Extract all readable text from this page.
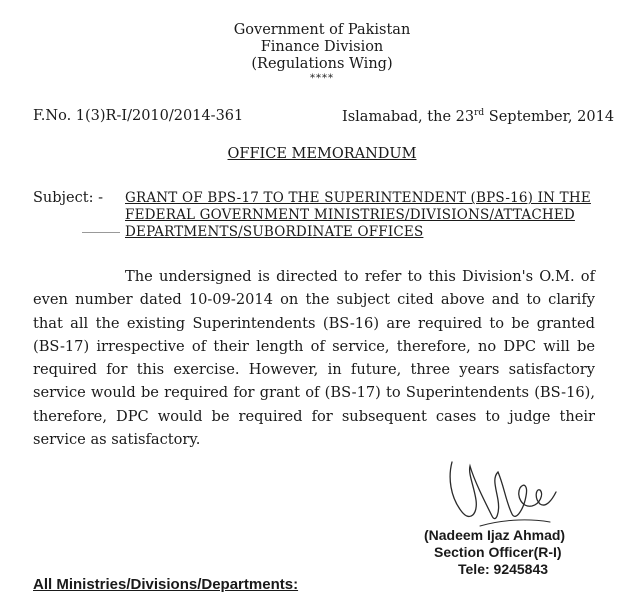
Government of Pakistan
Finance Division
(Regulations Wing)
****
F.No. 1(3)R-I/2010/2014-361	Islamabad, the 23rd September, 2014
OFFICE MEMORANDUM
Subject: - GRANT OF BPS-17 TO THE SUPERINTENDENT (BPS-16) IN THE
FEDERAL GOVERNMENT MINISTRIES/DIVISIONS/ATTACHED
DEPARTMENTS/SUBORDINATE OFFICES
The undersigned is directed to refer to this Division's O.M. of even number dated 10-09-2014 on the subject cited above and to clarify that all the existing Superintendents (BS-16) are required to be granted (BS-17) irrespective of their length of service, therefore, no DPC will be required for this exercise. However, in future, three years satisfactory service would be required for grant of (BS-17) to Superintendents (BS-16), therefore, DPC would be required for subsequent cases to judge their service as satisfactory.
(Nadeem Ijaz Ahmad)
Section Officer(R-I)
Tele: 9245843
All Ministries/Divisions/Departments:
